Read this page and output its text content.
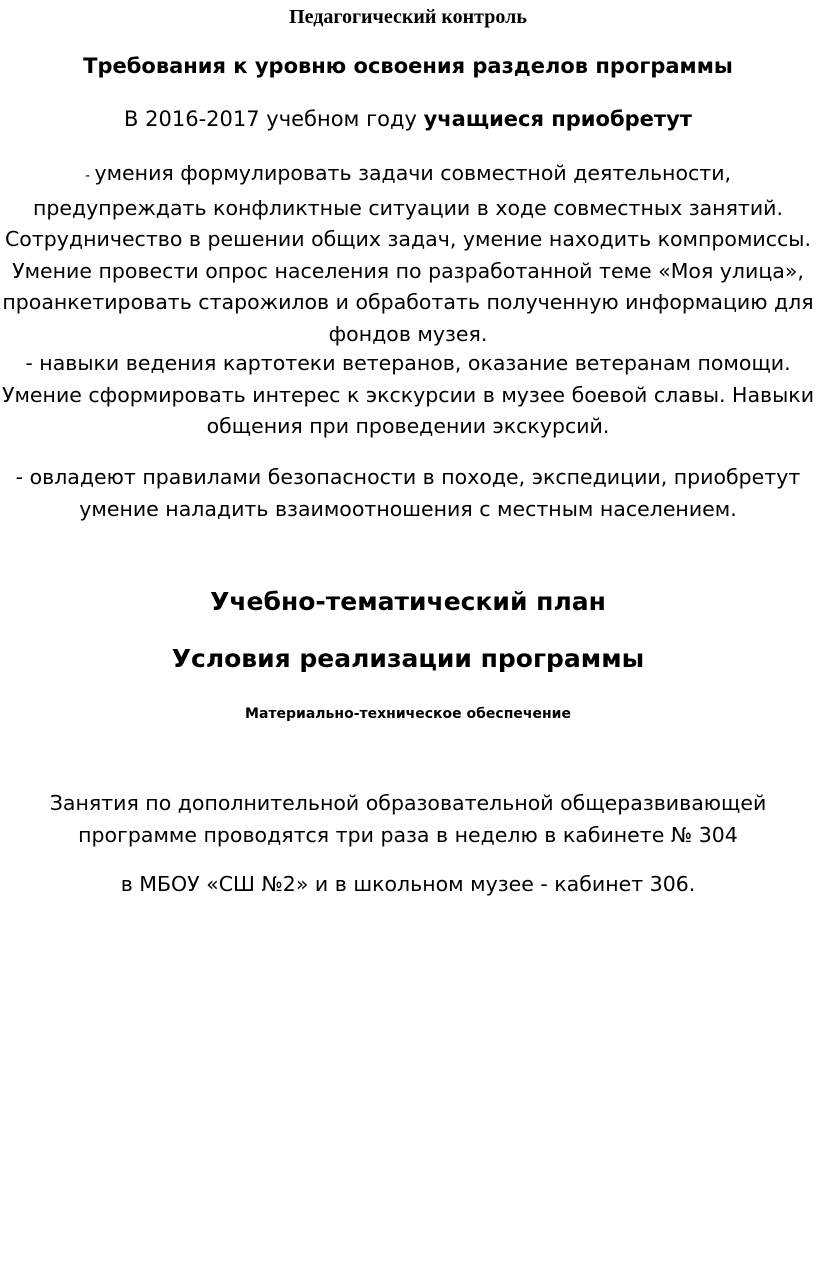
Педагогический контроль
Требования к уровню освоения разделов программы
В 2016-2017 учебном году учащиеся приобретут
- умения формулировать задачи совместной деятельности,
предупреждать конфликтные ситуации в ходе совместных занятий.
Сотрудничество в решении общих задач, умение находить компромиссы.
Умение провести опрос населения по разработанной теме «Моя улица»,
проанкетировать старожилов и обработать полученную информацию для
фондов музея.
- навыки ведения картотеки ветеранов, оказание ветеранам помощи.
Умение сформировать интерес к экскурсии в музее боевой славы. Навыки
общения при проведении экскурсий.
- овладеют правилами безопасности в походе, экспедиции, приобретут
умение наладить взаимоотношения с местным населением.
Учебно-тематический план
Условия реализации программы
Материально-техническое обеспечение
Занятия по дополнительной образовательной общеразвивающей
программе проводятся три раза в неделю в кабинете № 304
в МБОУ «СШ №2» и в школьном музее - кабинет 306.
